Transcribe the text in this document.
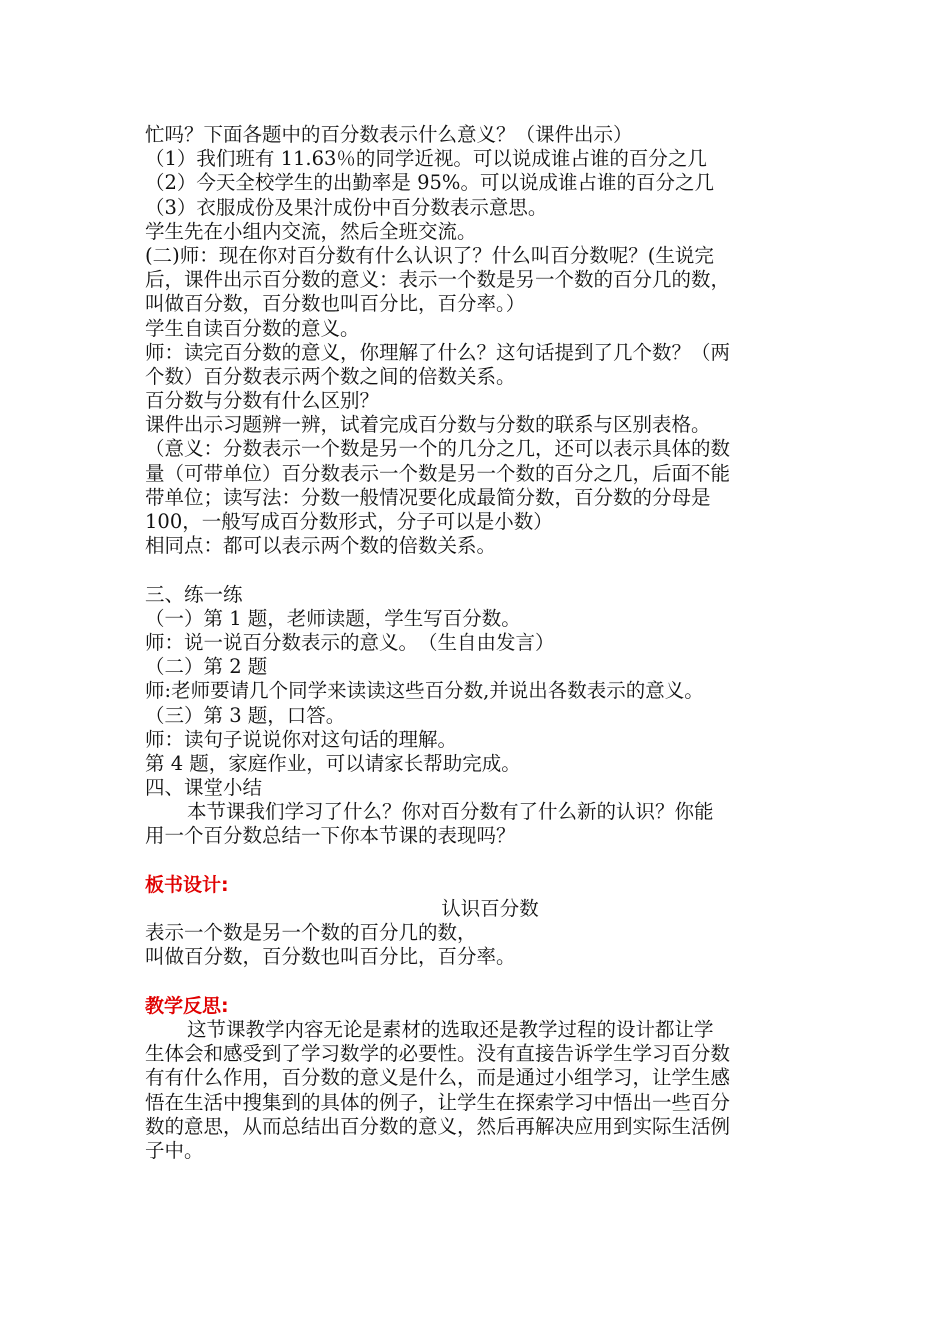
忙吗？下面各题中的百分数表示什么意义？（课件出示）
（1）我们班有 11.63％的同学近视。可以说成谁占谁的百分之几
（2）今天全校学生的出勤率是 95%。可以说成谁占谁的百分之几
（3）衣服成份及果汁成份中百分数表示意思。
学生先在小组内交流，然后全班交流。
(二)师：现在你对百分数有什么认识了？什么叫百分数呢？(生说完
后，课件出示百分数的意义：表示一个数是另一个数的百分几的数，
叫做百分数，百分数也叫百分比，百分率。）
学生自读百分数的意义。
师：读完百分数的意义，你理解了什么？这句话提到了几个数？（两
个数）百分数表示两个数之间的倍数关系。
百分数与分数有什么区别？
课件出示习题辨一辨，试着完成百分数与分数的联系与区别表格。
（意义：分数表示一个数是另一个的几分之几，还可以表示具体的数
量（可带单位）百分数表示一个数是另一个数的百分之几，后面不能
带单位；读写法：分数一般情况要化成最简分数，百分数的分母是
100，一般写成百分数形式，分子可以是小数）
相同点：都可以表示两个数的倍数关系。
三、练一练
（一）第 1 题，老师读题，学生写百分数。
师：说一说百分数表示的意义。　（生自由发言）
（二）第 2 题
师:老师要请几个同学来读读这些百分数,并说出各数表示的意义。
（三）第 3 题，口答。
师：读句子说说你对这句话的理解。
第 4 题，家庭作业，可以请家长帮助完成。
四、课堂小结
本节课我们学习了什么？你对百分数有了什么新的认识？你能
用一个百分数总结一下你本节课的表现吗？
板书设计:
认识百分数
表示一个数是另一个数的百分几的数，
叫做百分数，百分数也叫百分比，百分率。
教学反思:
这节课教学内容无论是素材的选取还是教学过程的设计都让学
生体会和感受到了学习数学的必要性。没有直接告诉学生学习百分数
有有什么作用，百分数的意义是什么，而是通过小组学习，让学生感
悟在生活中搜集到的具体的例子，让学生在探索学习中悟出一些百分
数的意思，从而总结出百分数的意义，然后再解决应用到实际生活例
子中。
